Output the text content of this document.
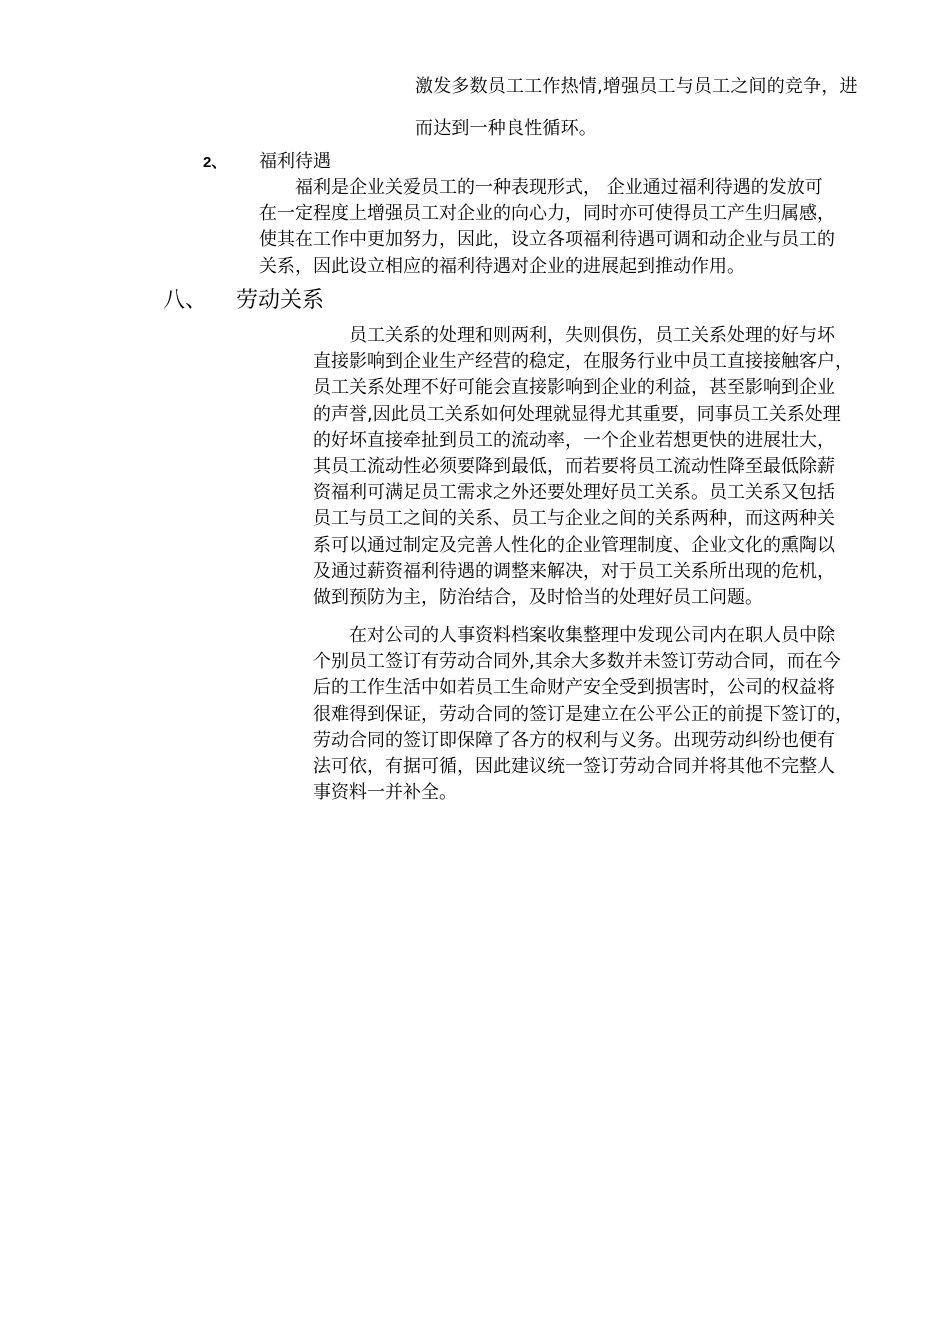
激发多数员工工作热情,增强员工与员工之间的竞争，进
而达到一种良性循环。
2、 福利待遇
福利是企业关爱员工的一种表现形式， 企业通过福利待遇的发放可
在一定程度上增强员工对企业的向心力，同时亦可使得员工产生归属感，
使其在工作中更加努力，因此，设立各项福利待遇可调和动企业与员工的
关系，因此设立相应的福利待遇对企业的进展起到推动作用。
八、 劳动关系
员工关系的处理和则两利，失则俱伤，员工关系处理的好与坏
直接影响到企业生产经营的稳定，在服务行业中员工直接接触客户，
员工关系处理不好可能会直接影响到企业的利益，甚至影响到企业
的声誉,因此员工关系如何处理就显得尤其重要，同事员工关系处理
的好坏直接牵扯到员工的流动率，一个企业若想更快的进展壮大，
其员工流动性必须要降到最低，而若要将员工流动性降至最低除薪
资福利可满足员工需求之外还要处理好员工关系。员工关系又包括
员工与员工之间的关系、员工与企业之间的关系两种，而这两种关
系可以通过制定及完善人性化的企业管理制度、企业文化的熏陶以
及通过薪资福利待遇的调整来解决，对于员工关系所出现的危机，
做到预防为主，防治结合，及时恰当的处理好员工问题。
在对公司的人事资料档案收集整理中发现公司内在职人员中除
个别员工签订有劳动合同外,其余大多数并未签订劳动合同，而在今
后的工作生活中如若员工生命财产安全受到损害时，公司的权益将
很难得到保证，劳动合同的签订是建立在公平公正的前提下签订的，
劳动合同的签订即保障了各方的权利与义务。出现劳动纠纷也便有
法可依，有据可循，因此建议统一签订劳动合同并将其他不完整人
事资料一并补全。
